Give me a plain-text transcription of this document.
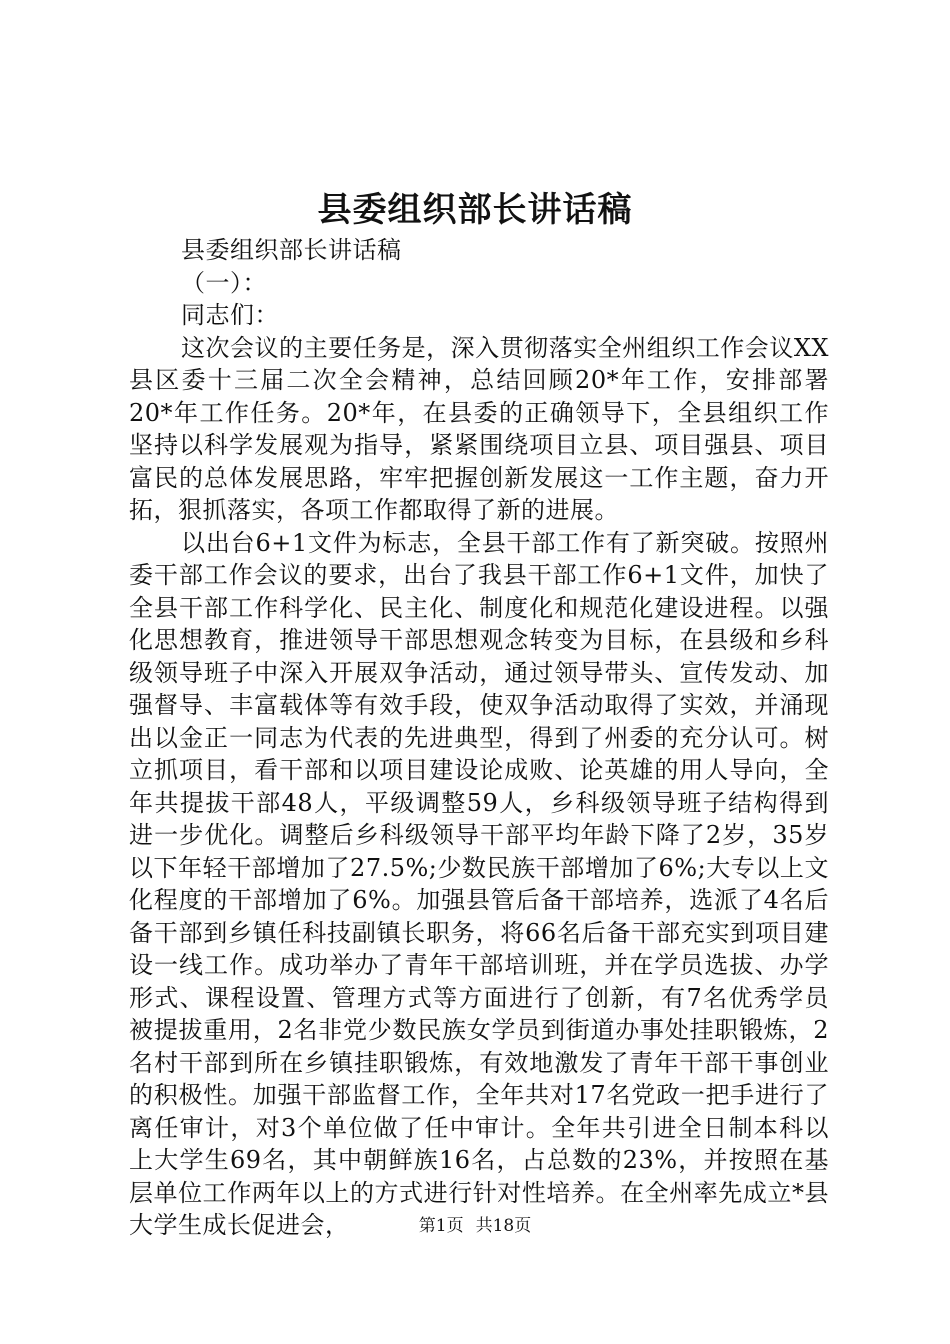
县委组织部长讲话稿

县委组织部长讲话稿

（一）：

同志们：

这次会议的主要任务是，深入贯彻落实全州组织工作会议XX县区委十三届二次全会精神，总结回顾20*年工作，安排部署20*年工作任务。20*年，在县委的正确领导下，全县组织工作坚持以科学发展观为指导，紧紧围绕项目立县、项目强县、项目富民的总体发展思路，牢牢把握创新发展这一工作主题，奋力开拓，狠抓落实，各项工作都取得了新的进展。

以出台6+1文件为标志，全县干部工作有了新突破。按照州委干部工作会议的要求，出台了我县干部工作6+1文件，加快了全县干部工作科学化、民主化、制度化和规范化建设进程。以强化思想教育，推进领导干部思想观念转变为目标，在县级和乡科级领导班子中深入开展双争活动，通过领导带头、宣传发动、加强督导、丰富载体等有效手段，使双争活动取得了实效，并涌现出以金正一同志为代表的先进典型，得到了州委的充分认可。树立抓项目，看干部和以项目建设论成败、论英雄的用人导向，全年共提拔干部48人，平级调整59人，乡科级领导班子结构得到进一步优化。调整后乡科级领导干部平均年龄下降了2岁，35岁以下年轻干部增加了27.5%;少数民族干部增加了6%;大专以上文化程度的干部增加了6%。加强县管后备干部培养，选派了4名后备干部到乡镇任科技副镇长职务，将66名后备干部充实到项目建设一线工作。成功举办了青年干部培训班，并在学员选拔、办学形式、课程设置、管理方式等方面进行了创新，有7名优秀学员被提拔重用，2名非党少数民族女学员到街道办事处挂职锻炼，2名村干部到所在乡镇挂职锻炼，有效地激发了青年干部干事创业的积极性。加强干部监督工作，全年共对17名党政一把手进行了离任审计，对3个单位做了任中审计。全年共引进全日制本科以上大学生69名，其中朝鲜族16名，占总数的23%，并按照在基层单位工作两年以上的方式进行针对性培养。在全州率先成立*县大学生成长促进会，	第1页 共18页
